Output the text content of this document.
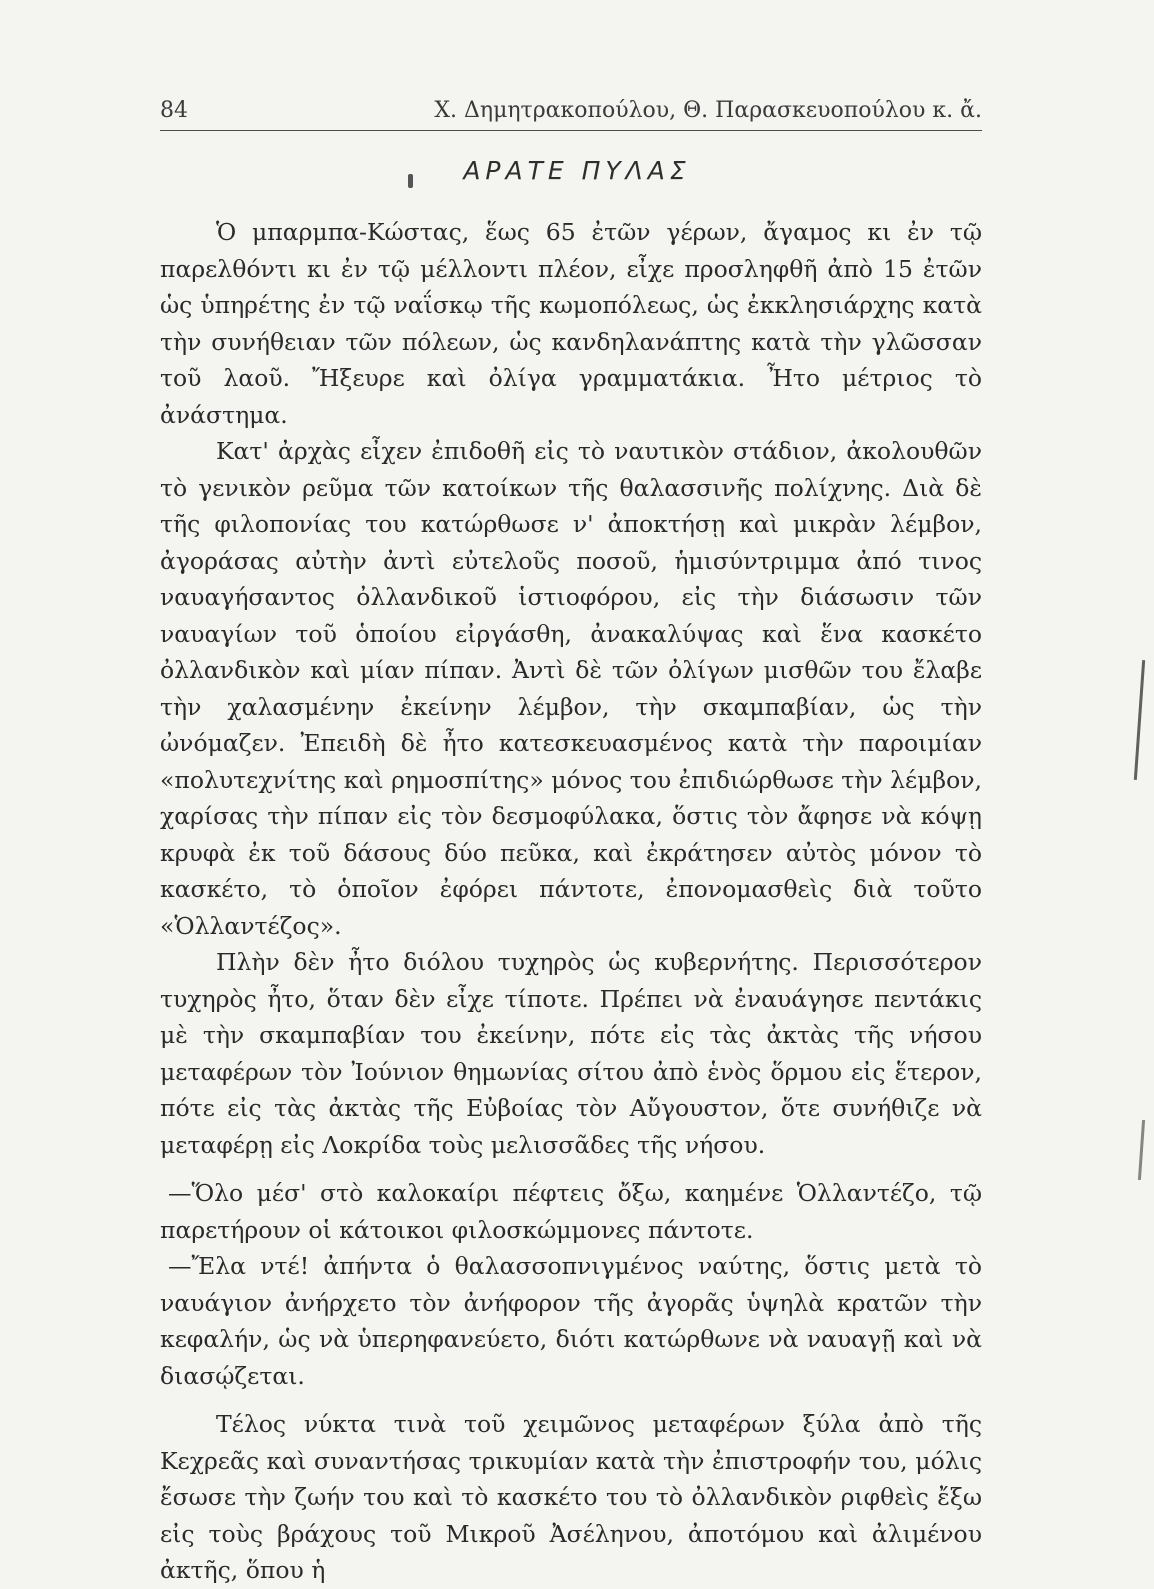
84	Χ. Δημητρακοπούλου, Θ. Παρασκευοπούλου κ. ἄ.
ΑΡΑΤΕ ΠΥΛΑΣ

Ὁ μπαρμπα-Κώστας, ἕως 65 ἐτῶν γέρων, ἄγαμος κι ἐν τῷ παρελθόντι κι ἐν τῷ μέλλοντι πλέον, εἶχε προσληφθῆ ἀπὸ 15 ἐτῶν ὡς ὑπηρέτης ἐν τῷ ναΐσκῳ τῆς κωμοπόλεως, ὡς ἐκκλησιάρχης κατὰ τὴν συνήθειαν τῶν πόλεων, ὡς κανδηλανάπτης κατὰ τὴν γλῶσσαν τοῦ λαοῦ. Ἤξευρε καὶ ὀλίγα γραμματάκια. Ἦτο μέτριος τὸ ἀνάστημα.

Κατ' ἀρχὰς εἶχεν ἐπιδοθῆ εἰς τὸ ναυτικὸν στάδιον, ἀκολουθῶν τὸ γενικὸν ρεῦμα τῶν κατοίκων τῆς θαλασσινῆς πολίχνης. Διὰ δὲ τῆς φιλοπονίας του κατώρθωσε ν' ἀποκτήσῃ καὶ μικρὰν λέμβον, ἀγοράσας αὐτὴν ἀντὶ εὐτελοῦς ποσοῦ, ἡμισύντριμμα ἀπό τινος ναυαγήσαντος ὀλλανδικοῦ ἱστιοφόρου, εἰς τὴν διάσωσιν τῶν ναυαγίων τοῦ ὁποίου εἰργάσθη, ἀνακαλύψας καὶ ἕνα κασκέτο ὀλλανδικὸν καὶ μίαν πίπαν. Ἀντὶ δὲ τῶν ὀλίγων μισθῶν του ἔλαβε τὴν χαλασμένην ἐκείνην λέμβον, τὴν σκαμπαβίαν, ὡς τὴν ὠνόμαζεν. Ἐπειδὴ δὲ ἦτο κατεσκευασμένος κατὰ τὴν παροιμίαν «πολυτεχνίτης καὶ ρημοσπίτης» μόνος του ἐπιδιώρθωσε τὴν λέμβον, χαρίσας τὴν πίπαν εἰς τὸν δεσμοφύλακα, ὅστις τὸν ἄφησε νὰ κόψῃ κρυφὰ ἐκ τοῦ δάσους δύο πεῦκα, καὶ ἐκράτησεν αὐτὸς μόνον τὸ κασκέτο, τὸ ὁποῖον ἐφόρει πάντοτε, ἐπονομασθεὶς διὰ τοῦτο «Ὁλλαντέζος».

Πλὴν δὲν ἦτο διόλου τυχηρὸς ὡς κυβερνήτης. Περισσότερον τυχηρὸς ἦτο, ὅταν δὲν εἶχε τίποτε. Πρέπει νὰ ἐναυάγησε πεντάκις μὲ τὴν σκαμπαβίαν του ἐκείνην, πότε εἰς τὰς ἀκτὰς τῆς νήσου μεταφέρων τὸν Ἰούνιον θημωνίας σίτου ἀπὸ ἑνὸς ὅρμου εἰς ἕτερον, πότε εἰς τὰς ἀκτὰς τῆς Εὐβοίας τὸν Αὔγουστον, ὅτε συνήθιζε νὰ μεταφέρῃ εἰς Λοκρίδα τοὺς μελισσᾶδες τῆς νήσου.

—Ὅλο μέσ' στὸ καλοκαίρι πέφτεις ὄξω, καημένε Ὁλλαντέζο, τῷ παρετήρουν οἱ κάτοικοι φιλοσκώμμονες πάντοτε.

—Ἔλα ντέ! ἀπήντα ὁ θαλασσοπνιγμένος ναύτης, ὅστις μετὰ τὸ ναυάγιον ἀνήρχετο τὸν ἀνήφορον τῆς ἀγορᾶς ὑψηλὰ κρατῶν τὴν κεφαλήν, ὡς νὰ ὑπερηφανεύετο, διότι κατώρθωνε νὰ ναυαγῇ καὶ νὰ διασῴζεται.

Τέλος νύκτα τινὰ τοῦ χειμῶνος μεταφέρων ξύλα ἀπὸ τῆς Κεχρεᾶς καὶ συναντήσας τρικυμίαν κατὰ τὴν ἐπιστροφήν του, μόλις ἔσωσε τὴν ζωήν του καὶ τὸ κασκέτο του τὸ ὀλλανδικὸν ριφθεὶς ἔξω εἰς τοὺς βράχους τοῦ Μικροῦ Ἀσέληνου, ἀποτόμου καὶ ἀλιμένου ἀκτῆς, ὅπου ἡ
